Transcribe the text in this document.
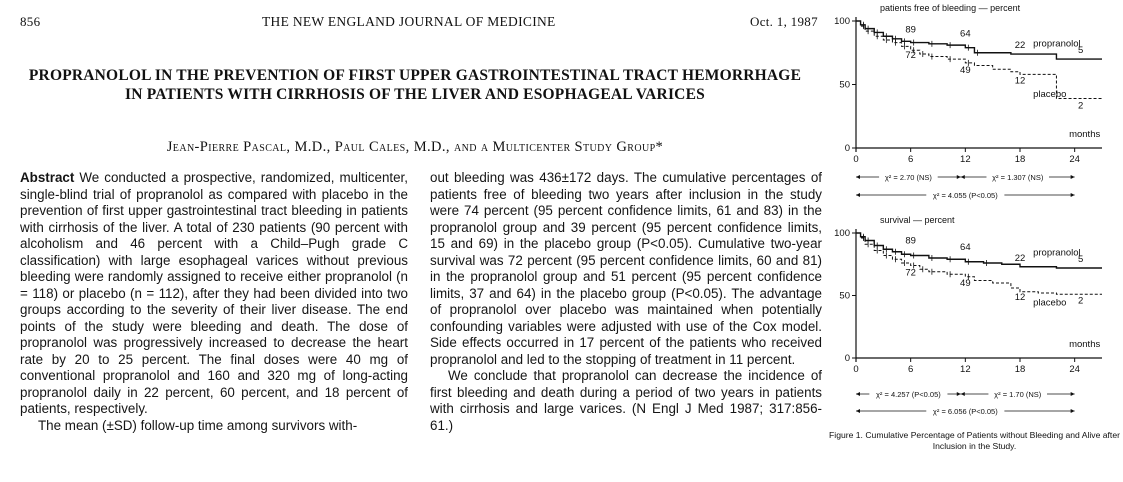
856	THE NEW ENGLAND JOURNAL OF MEDICINE	Oct. 1, 1987
PROPRANOLOL IN THE PREVENTION OF FIRST UPPER GASTROINTESTINAL TRACT HEMORRHAGE IN PATIENTS WITH CIRRHOSIS OF THE LIVER AND ESOPHAGEAL VARICES
Jean-Pierre Pascal, M.D., Paul Cales, M.D., and a Multicenter Study Group*

Abstract We conducted a prospective, randomized, multicenter, single-blind trial of propranolol as compared with placebo in the prevention of first upper gastrointestinal tract bleeding in patients with cirrhosis of the liver. A total of 230 patients (90 percent with alcoholism and 46 percent with a Child–Pugh grade C classification) with large esophageal varices without previous bleeding were randomly assigned to receive either propranolol (n = 118) or placebo (n = 112), after they had been divided into two groups according to the severity of their liver disease. The end points of the study were bleeding and death. The dose of propranolol was progressively increased to decrease the heart rate by 20 to 25 percent. The final doses were 40 mg of conventional propranolol and 160 and 320 mg of long-acting propranolol daily in 22 percent, 60 percent, and 18 percent of patients, respectively.

The mean (±SD) follow-up time among survivors with-

out bleeding was 436±172 days. The cumulative percentages of patients free of bleeding two years after inclusion in the study were 74 percent (95 percent confidence limits, 61 and 83) in the propranolol group and 39 percent (95 percent confidence limits, 15 and 69) in the placebo group (P<0.05). Cumulative two-year survival was 72 percent (95 percent confidence limits, 60 and 81) in the propranolol group and 51 percent (95 percent confidence limits, 37 and 64) in the placebo group (P<0.05). The advantage of propranolol over placebo was maintained when potentially confounding variables were adjusted with use of the Cox model. Side effects occurred in 17 percent of the patients who received propranolol and led to the stopping of treatment in 11 percent.

We conclude that propranolol can decrease the incidence of first bleeding and death during a period of two years in patients with cirrhosis and large varices. (N Engl J Med 1987; 317:856-61.)

patients free of bleeding — percent
0
50
100
0	6	12	18	24
months
89	64
22	5
propranolol
72
49
12
2
placebo
χ² = 2.70 (NS)	χ² = 1.307 (NS)
χ² = 4.055 (P<0.05)
survival — percent
0
50
100
0	6	12	18	24
months
89
64
22	5
propranolol
72
49
12	2
placebo
χ² = 4.257 (P<0.05)	χ² = 1.70 (NS)
χ² = 6.056 (P<0.05)
Figure 1. Cumulative Percentage of Patients without Bleeding and Alive after Inclusion in the Study.
